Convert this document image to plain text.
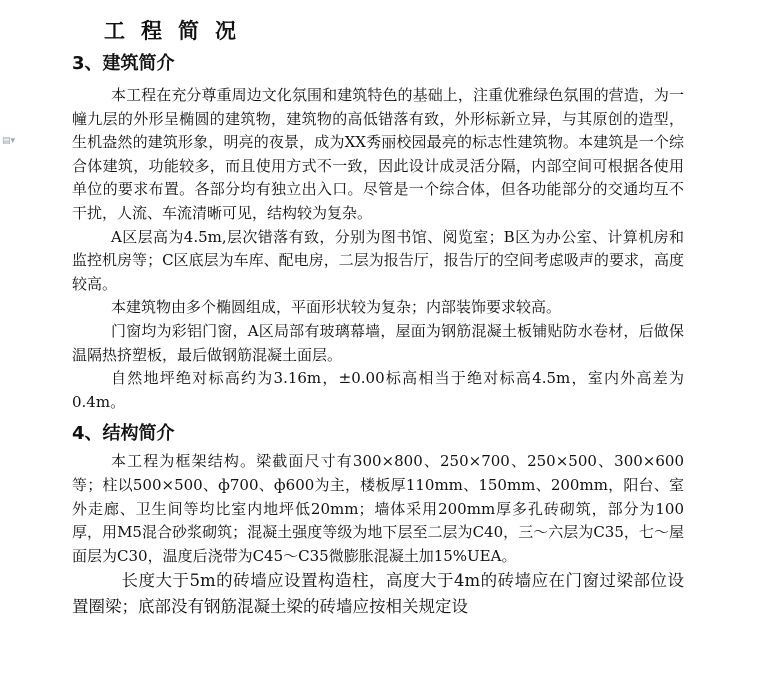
▤▾
工程简况
3、建筑简介

本工程在充分尊重周边文化氛围和建筑特色的基础上，注重优雅绿色氛围的营造，为一幢九层的外形呈椭圆的建筑物，建筑物的高低错落有致，外形标新立异，与其原创的造型，生机盎然的建筑形象，明亮的夜景，成为XX秀丽校园最亮的标志性建筑物。本建筑是一个综合体建筑，功能较多，而且使用方式不一致，因此设计成灵活分隔，内部空间可根据各使用单位的要求布置。各部分均有独立出入口。尽管是一个综合体，但各功能部分的交通均互不干扰，人流、车流清晰可见，结构较为复杂。

A区层高为4.5m,层次错落有致，分别为图书馆、阅览室；B区为办公室、计算机房和监控机房等；C区底层为车库、配电房，二层为报告厅，报告厅的空间考虑吸声的要求，高度较高。

本建筑物由多个椭圆组成，平面形状较为复杂；内部装饰要求较高。

门窗均为彩铝门窗，A区局部有玻璃幕墙，屋面为钢筋混凝土板铺贴防水卷材，后做保温隔热挤塑板，最后做钢筋混凝土面层。

自然地坪绝对标高约为3.16m，±0.00标高相当于绝对标高4.5m，室内外高差为0.4m。

4、结构简介

本工程为框架结构。梁截面尺寸有300×800、250×700、250×500、300×600等；柱以500×500、ф700、ф600为主，楼板厚110mm、150mm、200mm，阳台、室外走廊、卫生间等均比室内地坪低20mm；墙体采用200mm厚多孔砖砌筑，部分为100厚，用M5混合砂浆砌筑；混凝土强度等级为地下层至二层为C40，三～六层为C35，七～屋面层为C30，温度后浇带为C45～C35微膨胀混凝土加15%UEA。

长度大于5m的砖墙应设置构造柱，高度大于4m的砖墙应在门窗过梁部位设置圈梁；底部没有钢筋混凝土梁的砖墙应按相关规定设
